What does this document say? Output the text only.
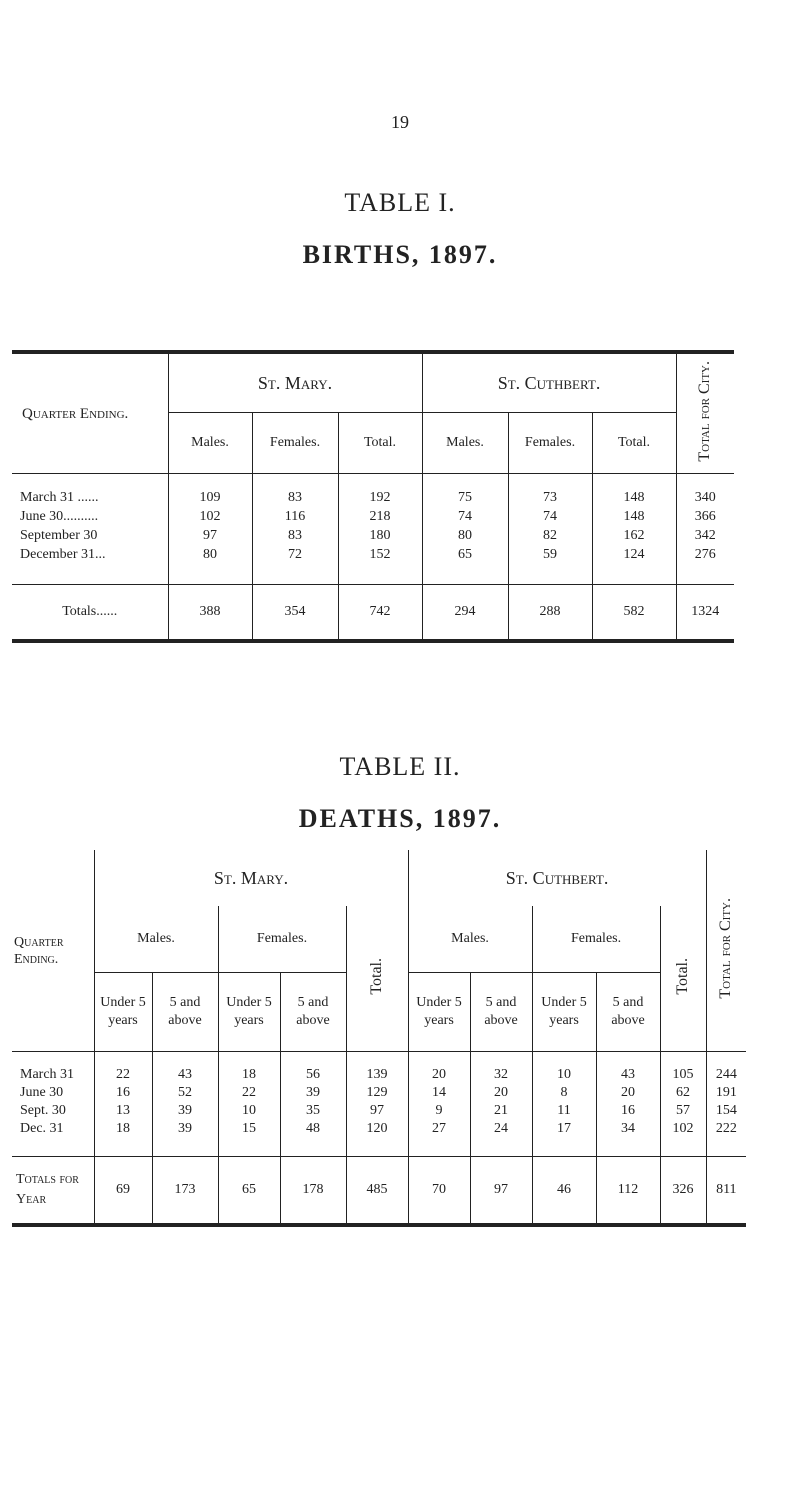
19
TABLE I.
BIRTHS, 1897.
Quarter Ending.	St. Mary.			St. Cuthbert.			Total for City.
	Males.	Females.	Total.	Males.	Females.	Total.	

March 31 ......	109	83	192	75	73	148	340
June 30..........	102	116	218	74	74	148	366
September 30	97	83	180	80	82	162	342
December 31...	80	72	152	65	59	124	276

Totals......	388	354	742	294	288	582	1324
TABLE II.
DEATHS, 1897.
Quarter Ending.	St. Mary.					St. Cuthbert.					Total for City.
	Males.		Females.		Total.	Males.		Females.		Total.	
	Under 5 years	5 and above	Under 5 years	5 and above		Under 5 years	5 and above	Under 5 years	5 and above		

March 31	22	43	18	56	139	20	32	10	43	105	244
June 30	16	52	22	39	129	14	20	8	20	62	191
Sept. 30	13	39	10	35	97	9	21	11	16	57	154
Dec. 31	18	39	15	48	120	27	24	17	34	102	222

Totals for Year	69	173	65	178	485	70	97	46	112	326	811
